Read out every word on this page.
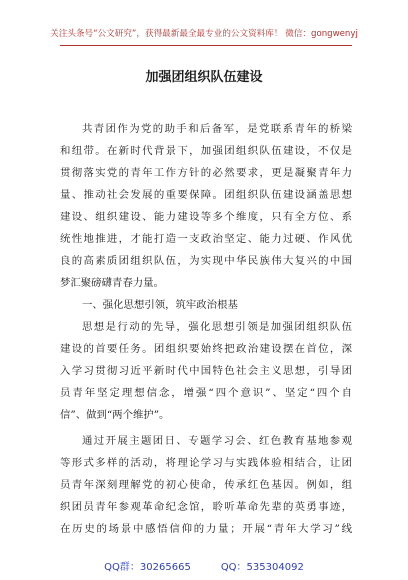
关注头条号“公文研究”，获得最新最全最专业的公文资料库！ 微信：gongwenyj
加强团组织队伍建设
共青团作为党的助手和后备军，是党联系青年的桥梁
和纽带。在新时代背景下，加强团组织队伍建设，不仅是
贯彻落实党的青年工作方针的必然要求，更是凝聚青年力
量、推动社会发展的重要保障。团组织队伍建设涵盖思想
建设、组织建设、能力建设等多个维度，只有全方位、系
统性地推进，才能打造一支政治坚定、能力过硬、作风优
良的高素质团组织队伍，为实现中华民族伟大复兴的中国
梦汇聚磅礴青春力量。
一、强化思想引领，筑牢政治根基
思想是行动的先导，强化思想引领是加强团组织队伍
建设的首要任务。团组织要始终把政治建设摆在首位，深
入学习贯彻习近平新时代中国特色社会主义思想，引导团
员青年坚定理想信念，增强“四个意识”、坚定“四个自
信”、做到“两个维护”。
通过开展主题团日、专题学习会、红色教育基地参观
等形式多样的活动，将理论学习与实践体验相结合，让团
员青年深刻理解党的初心使命，传承红色基因。例如，组
织团员青年参观革命纪念馆，聆听革命先辈的英勇事迹，
在历史的场景中感悟信仰的力量；开展“青年大学习”线
QQ群：30265665	QQ：535304092
